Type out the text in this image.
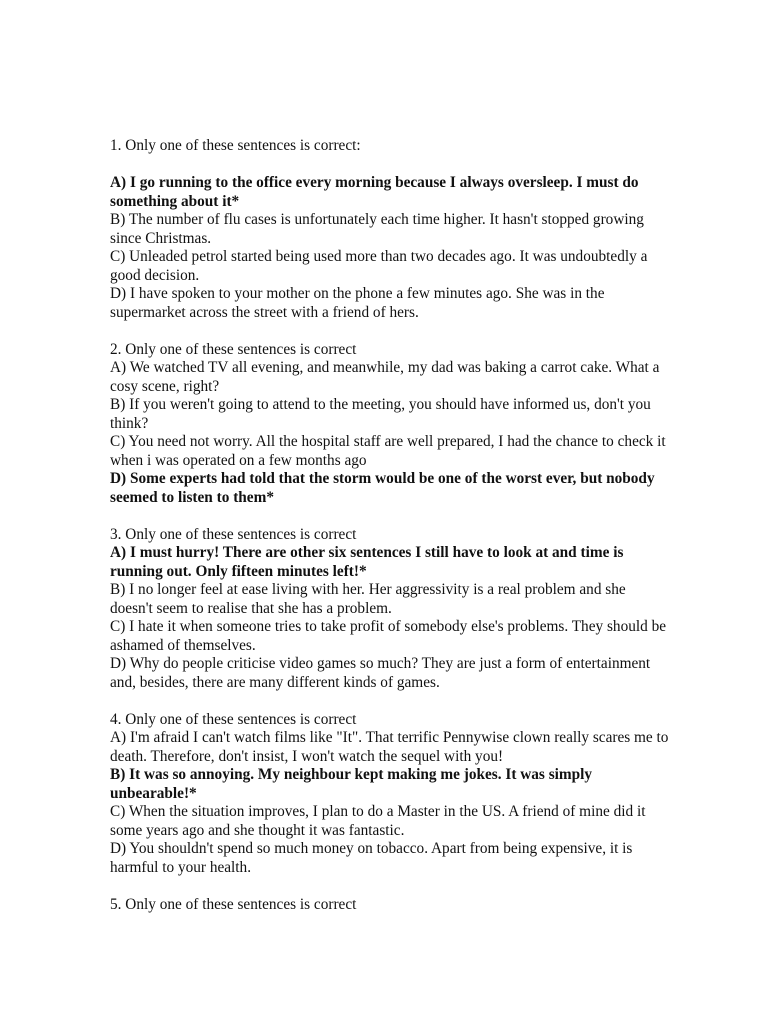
1. Only one of these sentences is correct:
A) I go running to the office every morning because I always oversleep. I must do something about it*
B) The number of flu cases is unfortunately each time higher. It hasn't stopped growing since Christmas.
C) Unleaded petrol started being used more than two decades ago. It was undoubtedly a good decision.
D) I have spoken to your mother on the phone a few minutes ago. She was in the supermarket across the street with a friend of hers.
2. Only one of these sentences is correct
A) We watched TV all evening, and meanwhile, my dad was baking a carrot cake. What a cosy scene, right?
B) If you weren't going to attend to the meeting, you should have informed us, don't you think?
C) You need not worry. All the hospital staff are well prepared, I had the chance to check it when i was operated on a few months ago
D) Some experts had told that the storm would be one of the worst ever, but nobody seemed to listen to them*
3. Only one of these sentences is correct
A) I must hurry! There are other six sentences I still have to look at and time is running out. Only fifteen minutes left!*
B) I no longer feel at ease living with her. Her aggressivity is a real problem and she doesn't seem to realise that she has a problem.
C) I hate it when someone tries to take profit of somebody else's problems. They should be ashamed of themselves.
D) Why do people criticise video games so much? They are just a form of entertainment and, besides, there are many different kinds of games.
4. Only one of these sentences is correct
A) I'm afraid I can't watch films like "It". That terrific Pennywise clown really scares me to death. Therefore, don't insist, I won't watch the sequel with you!
B) It was so annoying. My neighbour kept making me jokes. It was simply unbearable!*
C) When the situation improves, I plan to do a Master in the US. A friend of mine did it some years ago and she thought it was fantastic.
D) You shouldn't spend so much money on tobacco. Apart from being expensive, it is harmful to your health.
5. Only one of these sentences is correct
